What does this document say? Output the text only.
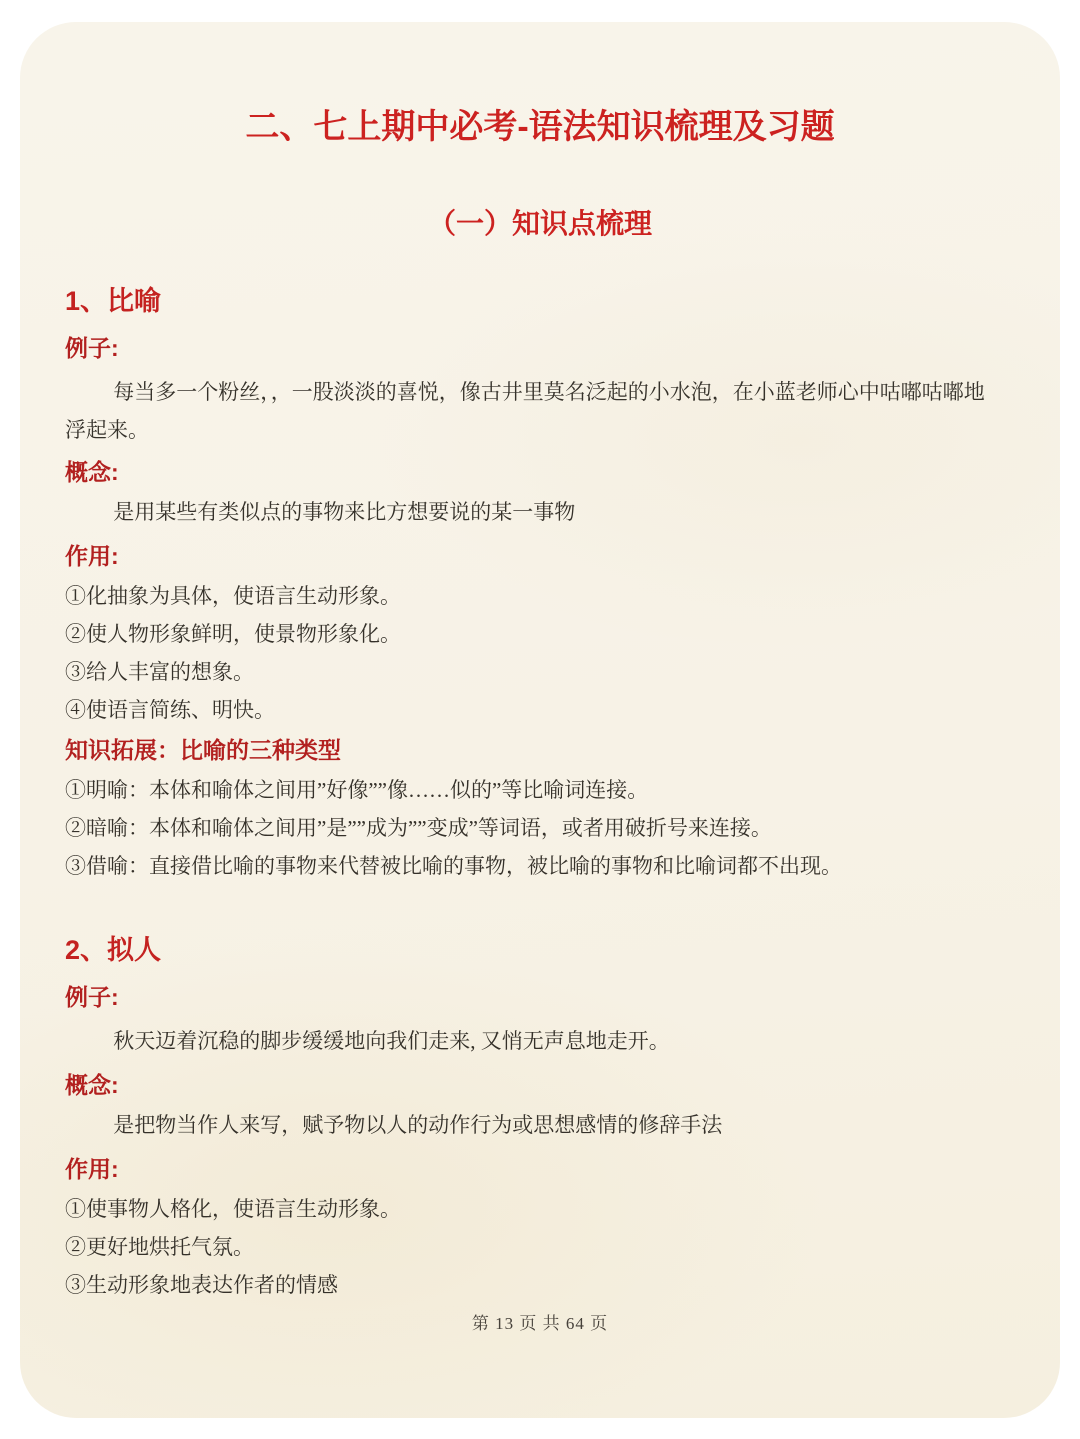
二、七上期中必考-语法知识梳理及习题
（一）知识点梳理
1、比喻
例子:

每当多一个粉丝，，一股淡淡的喜悦，像古井里莫名泛起的小水泡，在小蓝老师心中咕嘟咕嘟地浮起来。

概念:

是用某些有类似点的事物来比方想要说的某一事物

作用:
①化抽象为具体，使语言生动形象。
②使人物形象鲜明，使景物形象化。
③给人丰富的想象。
④使语言简练、明快。
知识拓展：比喻的三种类型
①明喻：本体和喻体之间用”好像””像……似的”等比喻词连接。
②暗喻：本体和喻体之间用”是””成为””变成”等词语，或者用破折号来连接。
③借喻：直接借比喻的事物来代替被比喻的事物，被比喻的事物和比喻词都不出现。
2、拟人
例子:

秋天迈着沉稳的脚步缓缓地向我们走来, 又悄无声息地走开。

概念:

是把物当作人来写，赋予物以人的动作行为或思想感情的修辞手法

作用:
①使事物人格化，使语言生动形象。
②更好地烘托气氛。
③生动形象地表达作者的情感
第 13 页 共 64 页
